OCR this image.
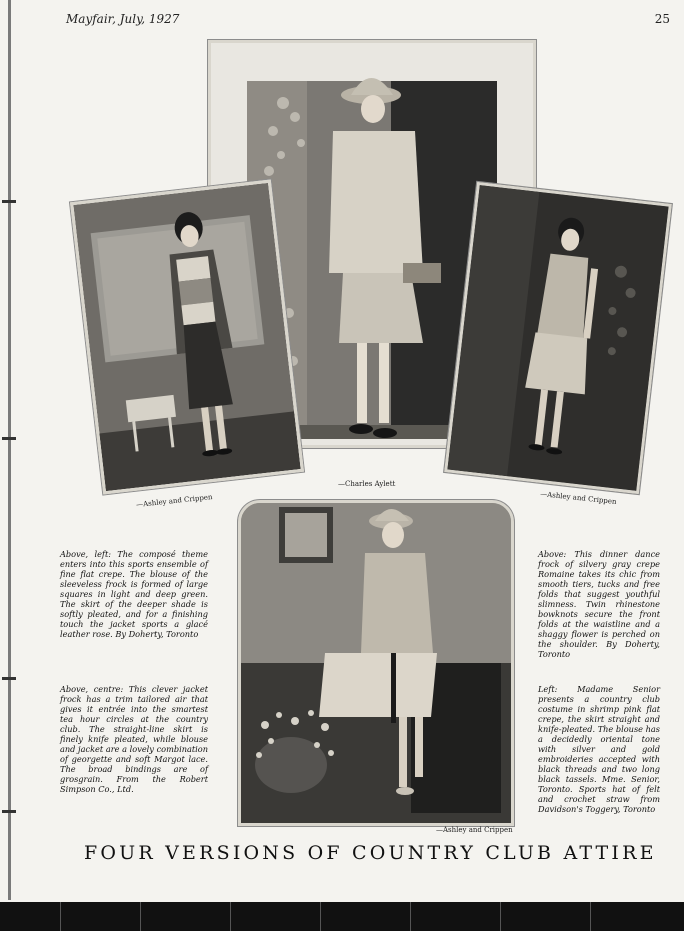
Mayfair, July, 1927	25
—Ashley and Crippen
—Charles Aylett
—Ashley and Crippen
—Ashley and Crippen
Above, left: The composé theme enters into this sports ensemble of fine flat crepe. The blouse of the sleeveless frock is formed of large squares in light and deep green. The skirt of the deeper shade is softly pleated, and for a finishing touch the jacket sports a glacé leather rose. By Doherty, Toronto
Above, centre: This clever jacket frock has a trim tailored air that gives it entrée into the smartest tea hour circles at the country club. The straight-line skirt is finely knife pleated, while blouse and jacket are a lovely combination of georgette and soft Margot lace. The broad bindings are of grosgrain. From the Robert Simpson Co., Ltd.
Above: This dinner dance frock of silvery gray crepe Romaine takes its chic from smooth tiers, tucks and free folds that suggest youthful slimness. Twin rhinestone bowknots secure the front folds at the waistline and a shaggy flower is perched on the shoulder. By Doherty, Toronto
Left: Madame Senior presents a country club costume in shrimp pink flat crepe, the skirt straight and knife-pleated. The blouse has a decidedly oriental tone with silver and gold embroideries accepted with black threads and two long black tassels. Mme. Senior, Toronto. Sports hat of felt and crochet straw from Davidson's Toggery, Toronto
FOUR VERSIONS OF COUNTRY CLUB ATTIRE
